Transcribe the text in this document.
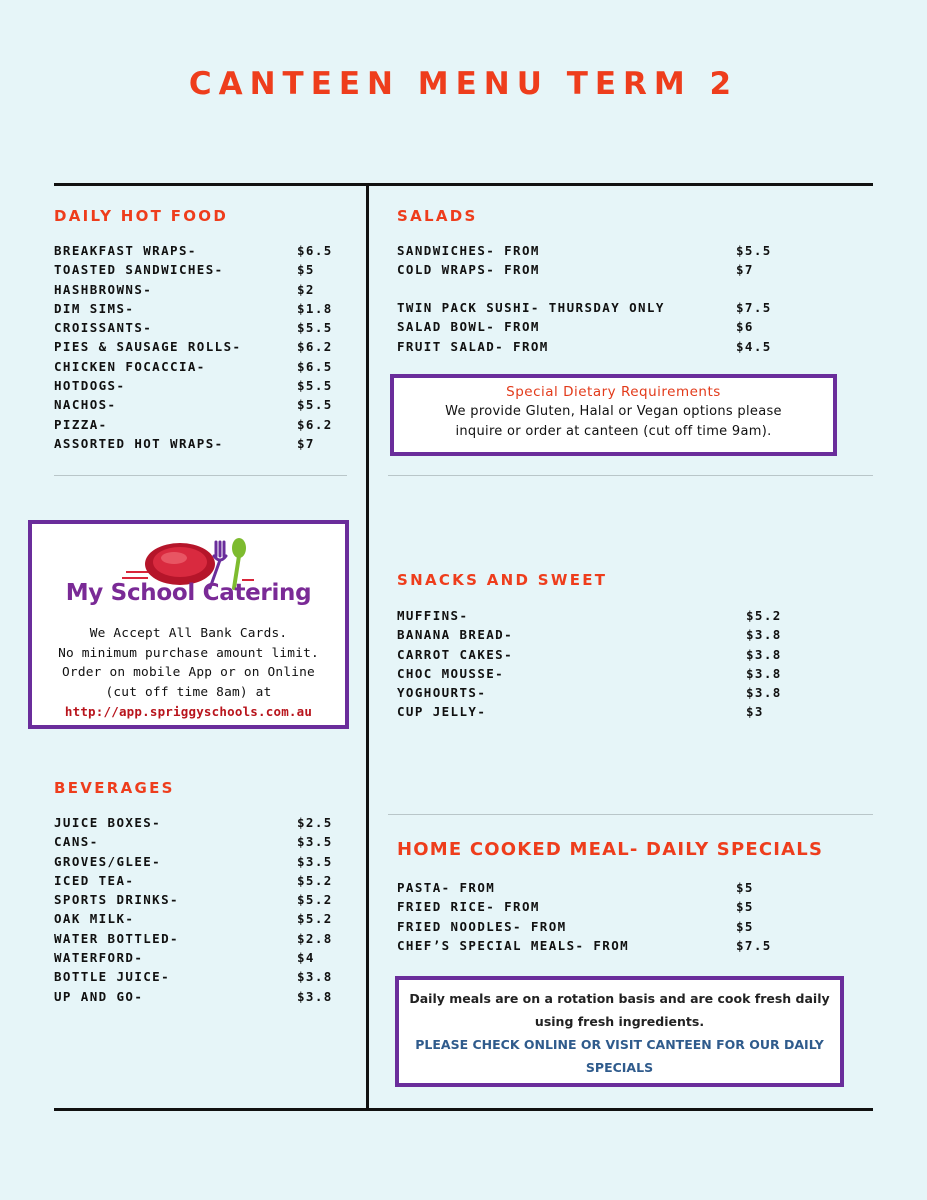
CANTEEN MENU TERM 2
DAILY HOT FOOD
BREAKFAST WRAPS-	$6.5
TOASTED SANDWICHES-	$5
HASHBROWNS-	$2
DIM SIMS-	$1.8
CROISSANTS-	$5.5
PIES & SAUSAGE ROLLS-	$6.2
CHICKEN FOCACCIA-	$6.5
HOTDOGS-	$5.5
NACHOS-	$5.5
PIZZA-	$6.2
ASSORTED HOT WRAPS-	$7
SALADS
SANDWICHES- FROM	$5.5
COLD WRAPS- FROM	$7
TWIN PACK SUSHI- THURSDAY ONLY	$7.5
SALAD BOWL- FROM	$6
FRUIT SALAD- FROM	$4.5
Special Dietary Requirements
We provide Gluten, Halal or Vegan options please
inquire or order at canteen (cut off time 9am).
My School Catering
We Accept All Bank Cards.
No minimum purchase amount limit.
Order on mobile App or on Online
(cut off time 8am) at
http://app.spriggyschools.com.au
SNACKS AND SWEET
MUFFINS-	$5.2
BANANA BREAD-	$3.8
CARROT CAKES-	$3.8
CHOC MOUSSE-	$3.8
YOGHOURTS-	$3.8
CUP JELLY-	$3
BEVERAGES
JUICE BOXES-	$2.5
CANS-	$3.5
GROVES/GLEE-	$3.5
ICED TEA-	$5.2
SPORTS DRINKS-	$5.2
OAK MILK-	$5.2
WATER BOTTLED-	$2.8
WATERFORD-	$4
BOTTLE JUICE-	$3.8
UP AND GO-	$3.8
HOME COOKED MEAL- DAILY SPECIALS
PASTA- FROM	$5
FRIED RICE- FROM	$5
FRIED NOODLES- FROM	$5
CHEF’S SPECIAL MEALS- FROM	$7.5
Daily meals are on a rotation basis and are cook fresh daily
using fresh ingredients.
PLEASE CHECK ONLINE OR VISIT CANTEEN FOR OUR DAILY
SPECIALS
